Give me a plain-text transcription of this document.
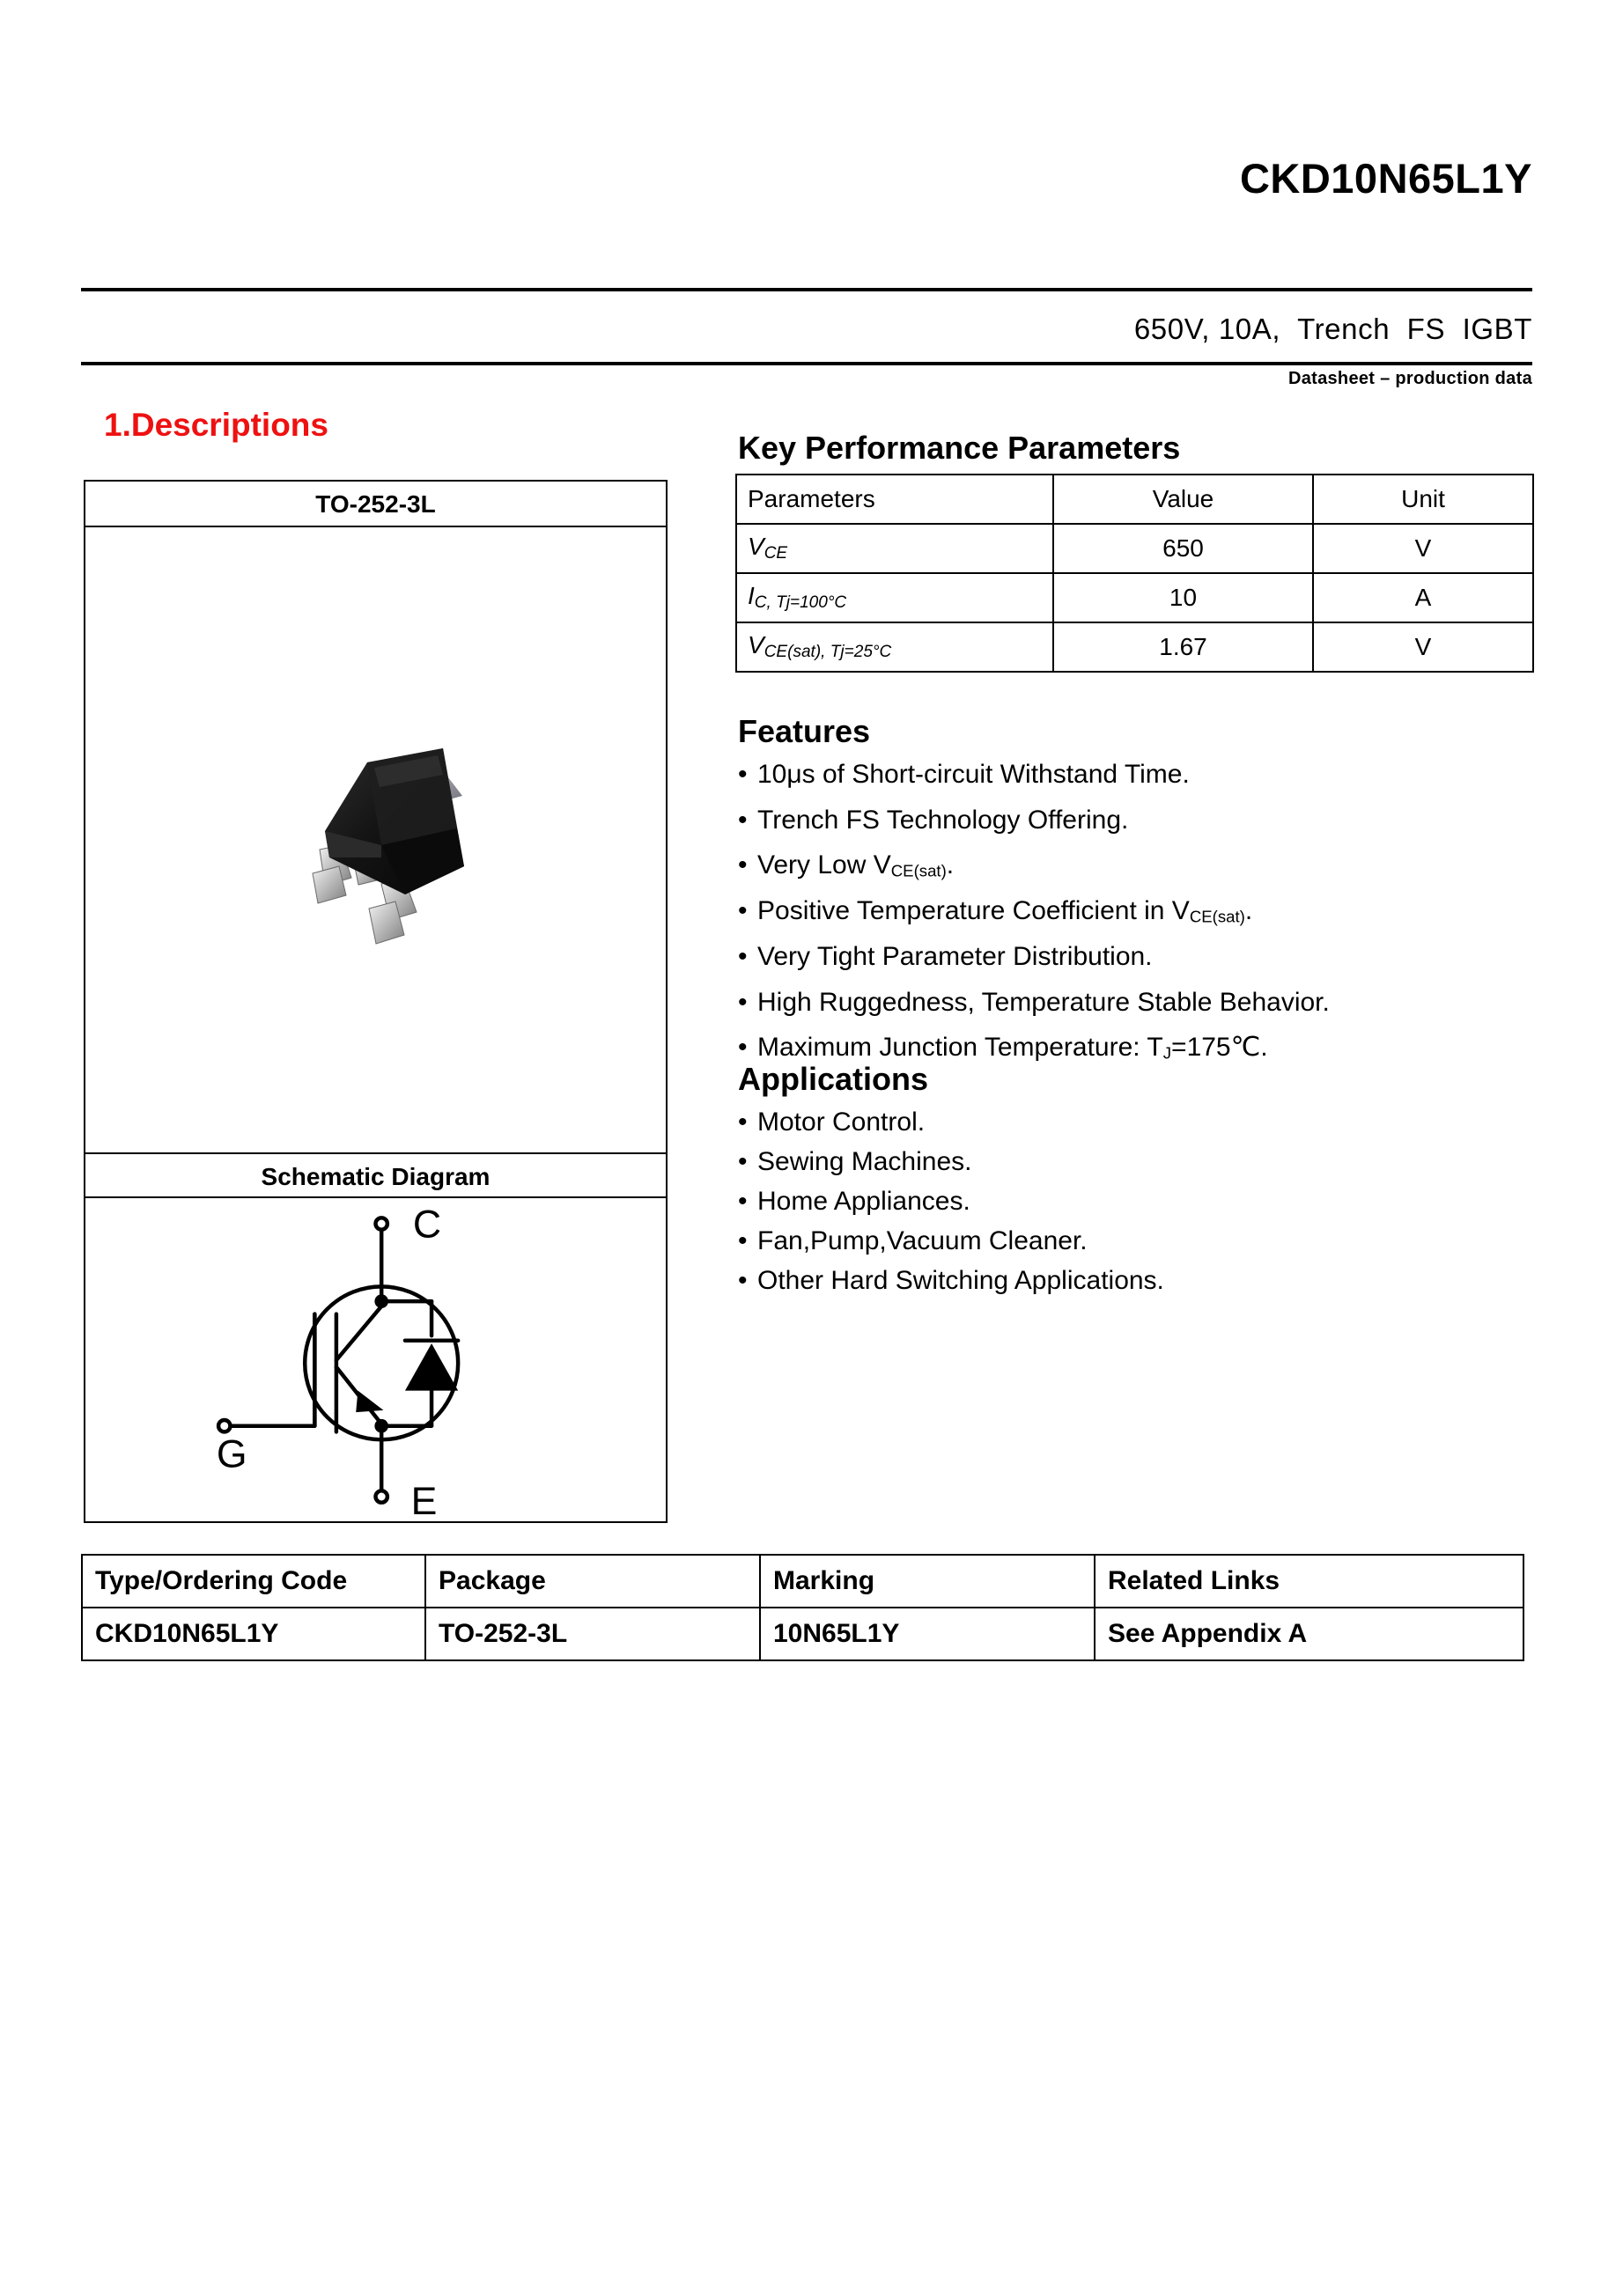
CKD10N65L1Y
650V, 10A,  Trench  FS  IGBT
Datasheet – production data
1.Descriptions
TO-252-3L
Schematic Diagram
C
G
E
Key Performance Parameters
Parameters	Value	Unit
$V_{CE}$	650	V
$I_{C, Tj=100^\circ C}$	10	A
$V_{CE(sat), Tj=25^\circ C}$	1.67	V
Features
• 10μs of Short-circuit Withstand Time.
• Trench FS Technology Offering.
• Very Low VCE(sat).
• Positive Temperature Coefficient in VCE(sat).
• Very Tight Parameter Distribution.
• High Ruggedness, Temperature Stable Behavior.
• Maximum Junction Temperature: TJ=175℃.
Applications
• Motor Control.
• Sewing Machines.
• Home Appliances.
• Fan,Pump,Vacuum Cleaner.
• Other Hard Switching Applications.
Type/Ordering Code	Package	Marking	Related Links
CKD10N65L1Y	TO-252-3L	10N65L1Y	See Appendix A
